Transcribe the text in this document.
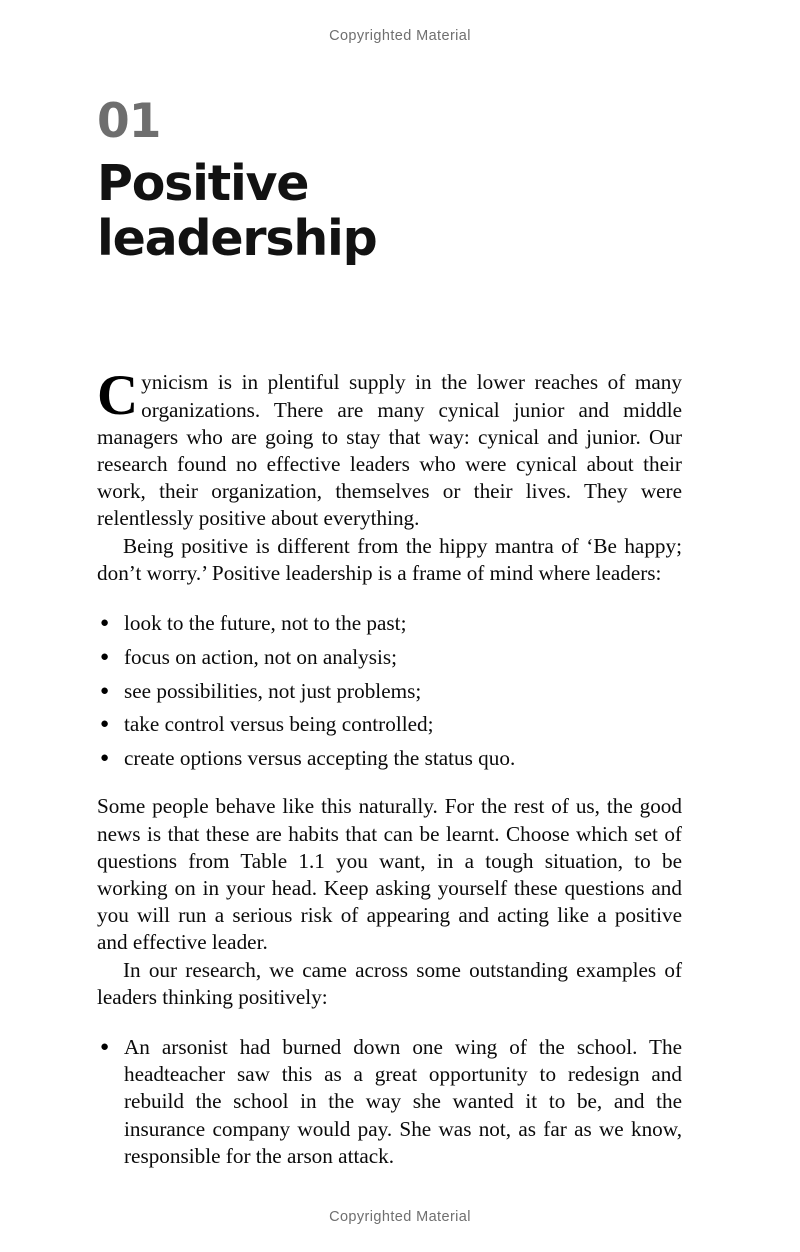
Copyrighted Material
01
Positive leadership

Cynicism is in plentiful supply in the lower reaches of many organizations. There are many cynical junior and middle managers who are going to stay that way: cynical and junior. Our research found no effective leaders who were cynical about their work, their organization, themselves or their lives. They were relentlessly positive about everything.

Being positive is different from the hippy mantra of ‘Be happy; don’t worry.’ Positive leadership is a frame of mind where leaders:

● look to the future, not to the past;
● focus on action, not on analysis;
● see possibilities, not just problems;
● take control versus being controlled;
● create options versus accepting the status quo.

Some people behave like this naturally. For the rest of us, the good news is that these are habits that can be learnt. Choose which set of questions from Table 1.1 you want, in a tough situation, to be working on in your head. Keep asking yourself these questions and you will run a serious risk of appearing and acting like a positive and effective leader.

In our research, we came across some outstanding examples of leaders thinking positively:

● An arsonist had burned down one wing of the school. The headteacher saw this as a great opportunity to redesign and rebuild the school in the way she wanted it to be, and the insurance company would pay. She was not, as far as we know, responsible for the arson attack.
Copyrighted Material
